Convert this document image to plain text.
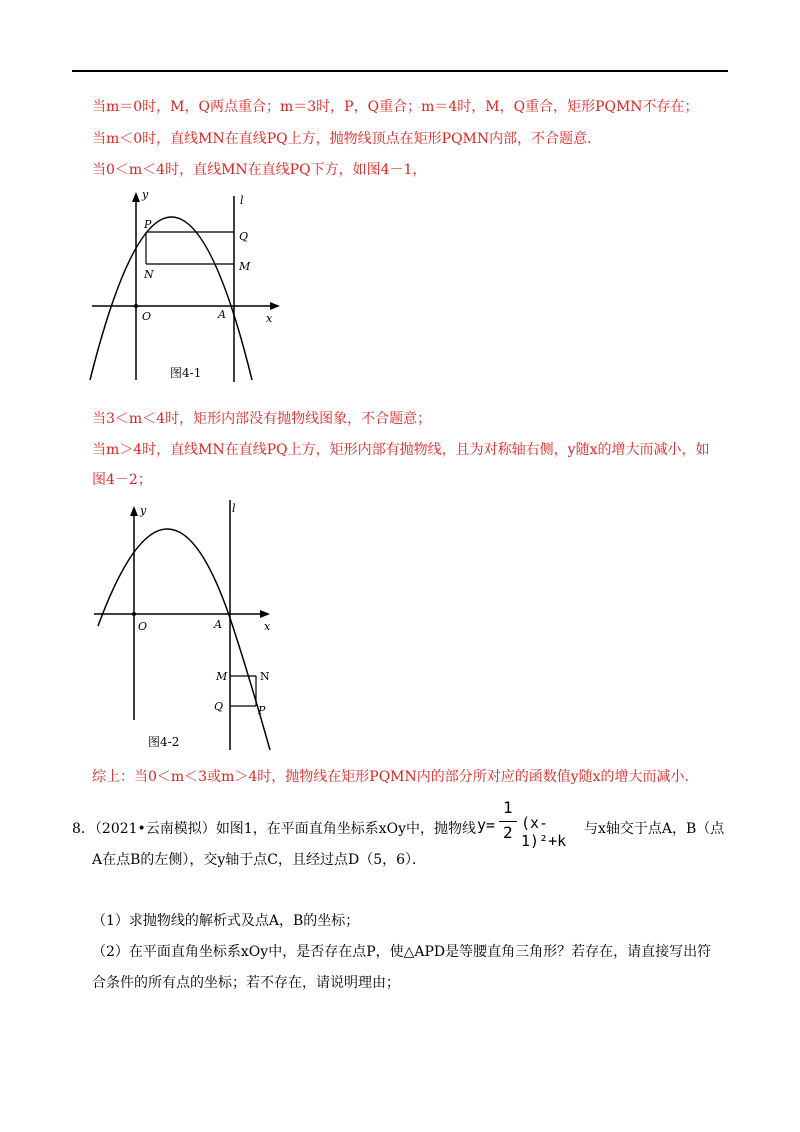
当m＝0时，M，Q两点重合；m＝3时，P，Q重合；m＝4时，M，Q重合，矩形PQMN不存在；
当m＜0时，直线MN在直线PQ上方，抛物线顶点在矩形PQMN内部，不合题意．
当0＜m＜4时，直线MN在直线PQ下方，如图4－1，
y	l
P
Q
N
M
O	A	x
图4-1
当3＜m＜4时，矩形内部没有抛物线图象，不合题意；
当m＞4时，直线MN在直线PQ上方，矩形内部有抛物线，且为对称轴右侧，y随x的增大而减小，如
图4－2；
y	l
O	A	x
M	N
Q	P
图4-2
综上：当0＜m＜3或m＞4时，抛物线在矩形PQMN内的部分所对应的函数值y随x的增大而减小．
8．（2021•云南模拟）如图1，在平面直角坐标系xOy中，抛物线 y=
1
2 (x-1)²+k
与x轴交于点A，B（点
A在点B的左侧），交y轴于点C，且经过点D（5，6）．
（1）求抛物线的解析式及点A，B的坐标；
（2）在平面直角坐标系xOy中，是否存在点P，使△APD是等腰直角三角形？若存在，请直接写出符
合条件的所有点的坐标；若不存在，请说明理由；
